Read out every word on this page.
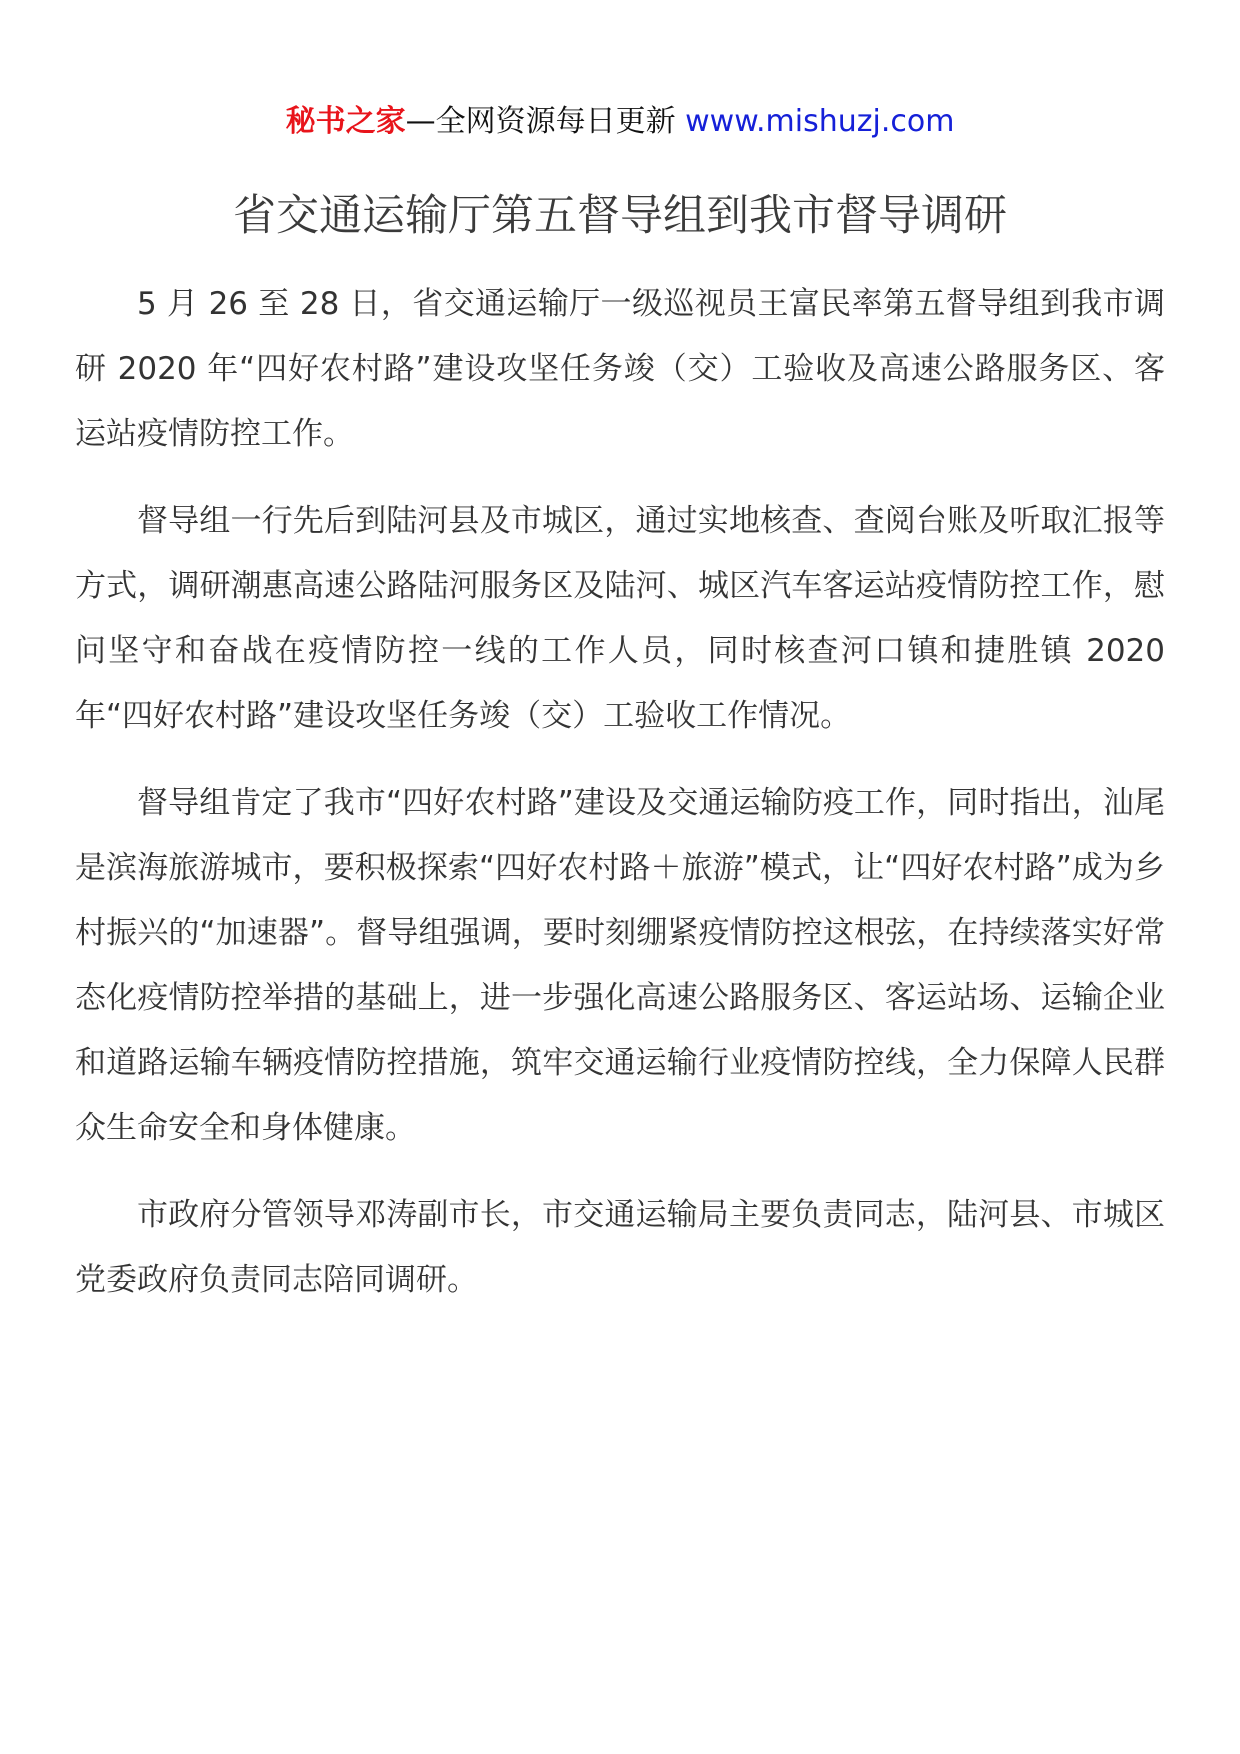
秘书之家—全网资源每日更新 www.mishuzj.com
省交通运输厅第五督导组到我市督导调研

5 月 26 至 28 日，省交通运输厅一级巡视员王富民率第五督导组到我市调研 2020 年“四好农村路”建设攻坚任务竣（交）工验收及高速公路服务区、客运站疫情防控工作。

督导组一行先后到陆河县及市城区，通过实地核查、查阅台账及听取汇报等方式，调研潮惠高速公路陆河服务区及陆河、城区汽车客运站疫情防控工作，慰问坚守和奋战在疫情防控一线的工作人员，同时核查河口镇和捷胜镇 2020 年“四好农村路”建设攻坚任务竣（交）工验收工作情况。

督导组肯定了我市“四好农村路”建设及交通运输防疫工作，同时指出，汕尾是滨海旅游城市，要积极探索“四好农村路＋旅游”模式，让“四好农村路”成为乡村振兴的“加速器”。督导组强调，要时刻绷紧疫情防控这根弦，在持续落实好常态化疫情防控举措的基础上，进一步强化高速公路服务区、客运站场、运输企业和道路运输车辆疫情防控措施，筑牢交通运输行业疫情防控线，全力保障人民群众生命安全和身体健康。

市政府分管领导邓涛副市长，市交通运输局主要负责同志，陆河县、市城区党委政府负责同志陪同调研。
